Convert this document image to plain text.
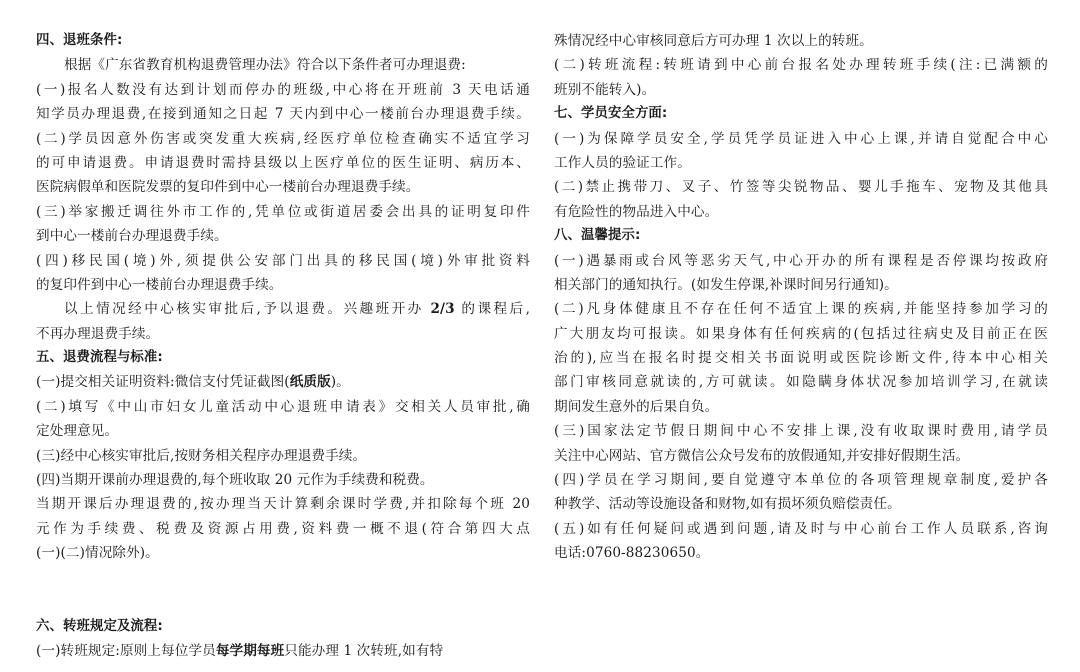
四、退班条件:
根据《广东省教育机构退费管理办法》符合以下条件者可办理退费:
(一)报名人数没有达到计划而停办的班级,中心将在开班前 3 天电话通
知学员办理退费,在接到通知之日起 7 天内到中心一楼前台办理退费手续。
(二)学员因意外伤害或突发重大疾病,经医疗单位检查确实不适宜学习
的可申请退费。申请退费时需持县级以上医疗单位的医生证明、病历本、
医院病假单和医院发票的复印件到中心一楼前台办理退费手续。
(三)举家搬迁调往外市工作的,凭单位或街道居委会出具的证明复印件
到中心一楼前台办理退费手续。
(四)移民国(境)外,须提供公安部门出具的移民国(境)外审批资料
的复印件到中心一楼前台办理退费手续。
以上情况经中心核实审批后,予以退费。兴趣班开办 2/3 的课程后,
不再办理退费手续。
五、退费流程与标准:
(一)提交相关证明资料:微信支付凭证截图(纸质版)。
(二)填写《中山市妇女儿童活动中心退班申请表》交相关人员审批,确
定处理意见。
(三)经中心核实审批后,按财务相关程序办理退费手续。
(四)当期开课前办理退费的,每个班收取 20 元作为手续费和税费。
当期开课后办理退费的,按办理当天计算剩余课时学费,并扣除每个班 20
元作为手续费、税费及资源占用费,资料费一概不退(符合第四大点
(一)(二)情况除外)。
六、转班规定及流程:
(一)转班规定:原则上每位学员每学期每班只能办理 1 次转班,如有特
殊情况经中心审核同意后方可办理 1 次以上的转班。
(二)转班流程:转班请到中心前台报名处办理转班手续(注:已满额的
班别不能转入)。
七、学员安全方面:
(一)为保障学员安全,学员凭学员证进入中心上课,并请自觉配合中心
工作人员的验证工作。
(二)禁止携带刀、叉子、竹签等尖锐物品、婴儿手拖车、宠物及其他具
有危险性的物品进入中心。
八、温馨提示:
(一)遇暴雨或台风等恶劣天气,中心开办的所有课程是否停课均按政府
相关部门的通知执行。(如发生停课,补课时间另行通知)。
(二)凡身体健康且不存在任何不适宜上课的疾病,并能坚持参加学习的
广大朋友均可报读。如果身体有任何疾病的(包括过往病史及目前正在医
治的),应当在报名时提交相关书面说明或医院诊断文件,待本中心相关
部门审核同意就读的,方可就读。如隐瞒身体状况参加培训学习,在就读
期间发生意外的后果自负。
(三)国家法定节假日期间中心不安排上课,没有收取课时费用,请学员
关注中心网站、官方微信公众号发布的放假通知,并安排好假期生活。
(四)学员在学习期间,要自觉遵守本单位的各项管理规章制度,爱护各
种教学、活动等设施设备和财物,如有损坏须负赔偿责任。
(五)如有任何疑问或遇到问题,请及时与中心前台工作人员联系,咨询
电话:0760-88230650。
